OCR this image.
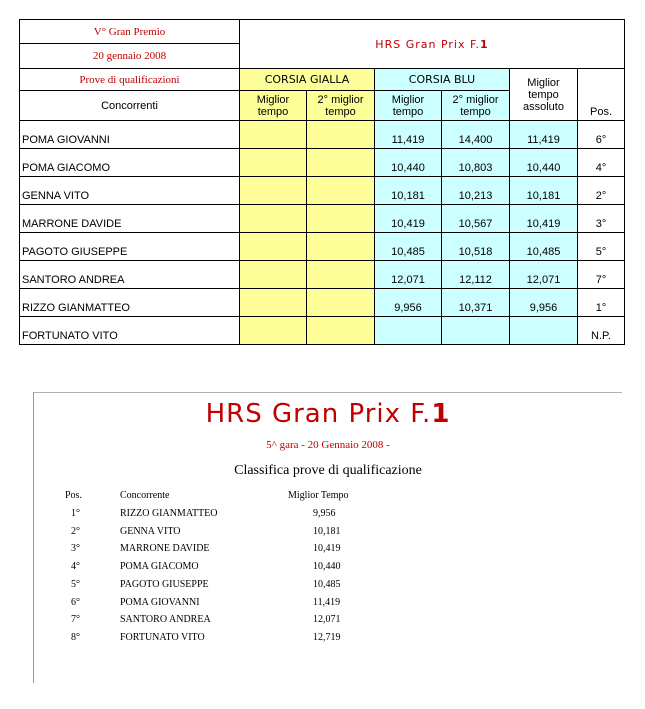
V° Gran Premio	HRS Gran Prix F.1					
20 gennaio 2008						
Prove di qualificazioni	CORSIA GIALLA		CORSIA BLU		Miglior tempo assoluto	Pos.
Concorrenti	Miglior tempo	2° miglior tempo	Miglior tempo	2° miglior tempo		
POMA GIOVANNI			11,419	14,400	11,419	6°
POMA GIACOMO			10,440	10,803	10,440	4°
GENNA VITO			10,181	10,213	10,181	2°
MARRONE DAVIDE			10,419	10,567	10,419	3°
PAGOTO GIUSEPPE			10,485	10,518	10,485	5°
SANTORO ANDREA			12,071	12,112	12,071	7°
RIZZO GIANMATTEO			9,956	10,371	9,956	1°
FORTUNATO VITO						N.P.
HRS Gran Prix F.1
5^ gara - 20 Gennaio 2008 -
Classifica prove di qualificazione
Pos.	Concorrente	Miglior Tempo
1°	RIZZO GIANMATTEO	9,956
2°	GENNA VITO	10,181
3°	MARRONE DAVIDE	10,419
4°	POMA GIACOMO	10,440
5°	PAGOTO GIUSEPPE	10,485
6°	POMA GIOVANNI	11,419
7°	SANTORO ANDREA	12,071
8°	FORTUNATO VITO	12,719
